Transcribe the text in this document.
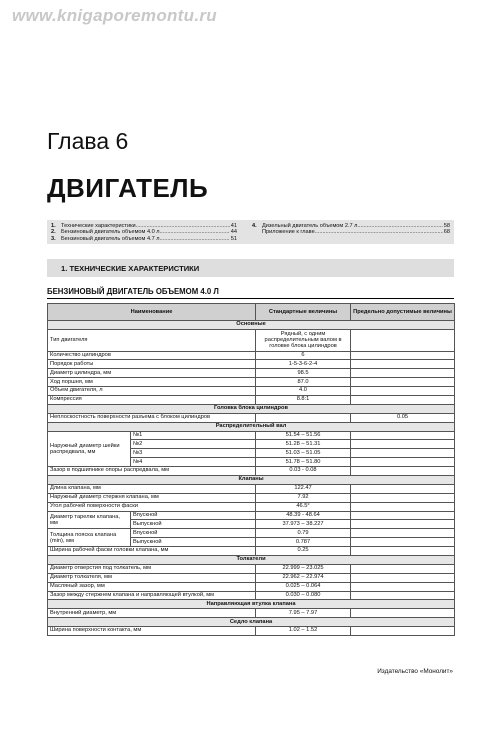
www.knigaporemontu.ru
Глава 6
ДВИГАТЕЛЬ
1. Технические характеристики .....	41
2. Бензиновый двигатель объемом 4.0 л .....	44
3. Бензиновый двигатель объемом 4.7 л .....	51
4. Дизельный двигатель объемом 2.7 л .....	58
Приложение к главе .....	68
1. ТЕХНИЧЕСКИЕ ХАРАКТЕРИСТИКИ
БЕНЗИНОВЫЙ ДВИГАТЕЛЬ ОБЪЕМОМ 4.0 Л
Наименование		Стандартные величины	Предельно допустимые величины
Основные			
Тип двигателя		Рядный, с одним распределительным валом в головке блока цилиндров	
Количество цилиндров		6	
Порядок работы		1-5-3-6-2-4	
Диаметр цилиндра, мм		98.5	
Ход поршня, мм		87.0	
Объем двигателя, л		4.0	
Компрессия		8.8:1	
Головка блока цилиндров			
Неплоскостность поверхности разъема с блоком цилиндров			0.05
Распределительный вал			
Наружный диаметр шейки распредвала, мм	№1	51.54 – 51.56	
	№2	51.28 – 51.31	
	№3	51.03 – 51.05	
	№4	51.78 – 51.80	
Зазор в подшипнике опоры распредвала, мм		0.03 - 0.08	
Клапаны			
Длина клапана, мм		122.47	
Наружный диаметр стержня клапана, мм		7.92	
Угол рабочей поверхности фаски		46.5°	
Диаметр тарелки клапана, мм	Впускной	48.39 - 48.64	
	Выпускной	37.973 – 38.227	
Толщина пояска клапана (min), мм	Впускной	0.79	
	Выпускной	0.787	
Ширина рабочей фаски головки клапана, мм		0.25	
Толкатели			
Диаметр отверстия под толкатель, мм		22.999 – 23.025	
Диаметр толкателя, мм		22.962 – 22.974	
Масляный зазор, мм		0.025 – 0.064	
Зазор между стержнем клапана и направляющей втулкой, мм		0.030 – 0.080	
Направляющая втулка клапана			
Внутренний диаметр, мм		7.95 – 7.97	
Седло клапана			
Ширина поверхности контакта, мм		1.02 – 1.52	
Издательство «Монолит»
